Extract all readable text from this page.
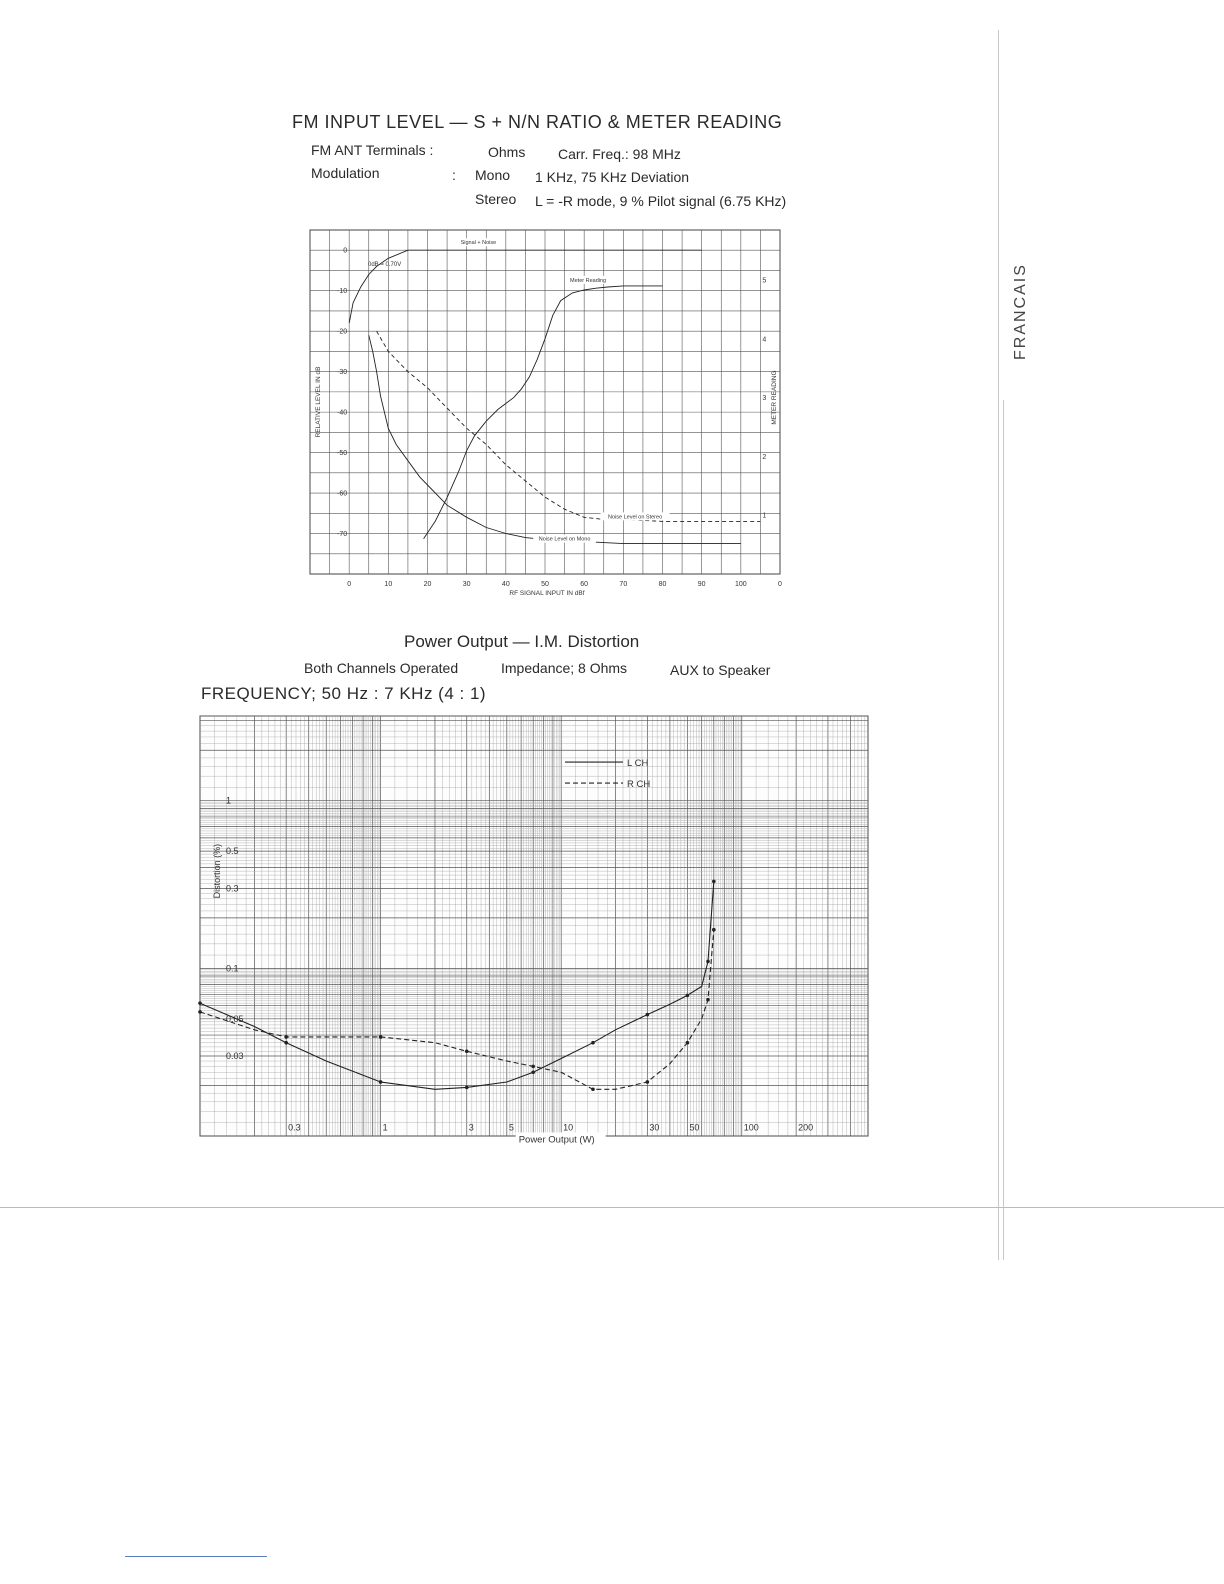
FM INPUT LEVEL — S + N/N RATIO & METER READING
FM ANT Terminals :	Ohms Carr. Freq.: 98 MHz
Modulation	: Mono 1 KHz, 75 KHz Deviation
Stereo L = -R mode, 9 % Pilot signal (6.75 KHz)
0	10	20	30	40	50	60	70	80	90	100	0
0
-10
-20
-30
-40
-50
-60
-70
5
4
3
2
1
RF SIGNAL INPUT IN dBf
RELATIVE LEVEL IN dB	METER READING
Signal + Noise
Meter Reading
Noise Level on Mono
Noise Level on Stereo
0dB = 0.70V
Power Output — I.M. Distortion
Both Channels Operated	Impedance; 8 Ohms	AUX to Speaker
FREQUENCY; 50 Hz : 7 KHz (4 : 1)
0.3	1	3	5	10	30	50	100	200
1
0.5
0.3
0.1
0.05
0.03
Power Output (W)
Distortion (%)
L CH
R CH
FRANCAIS
